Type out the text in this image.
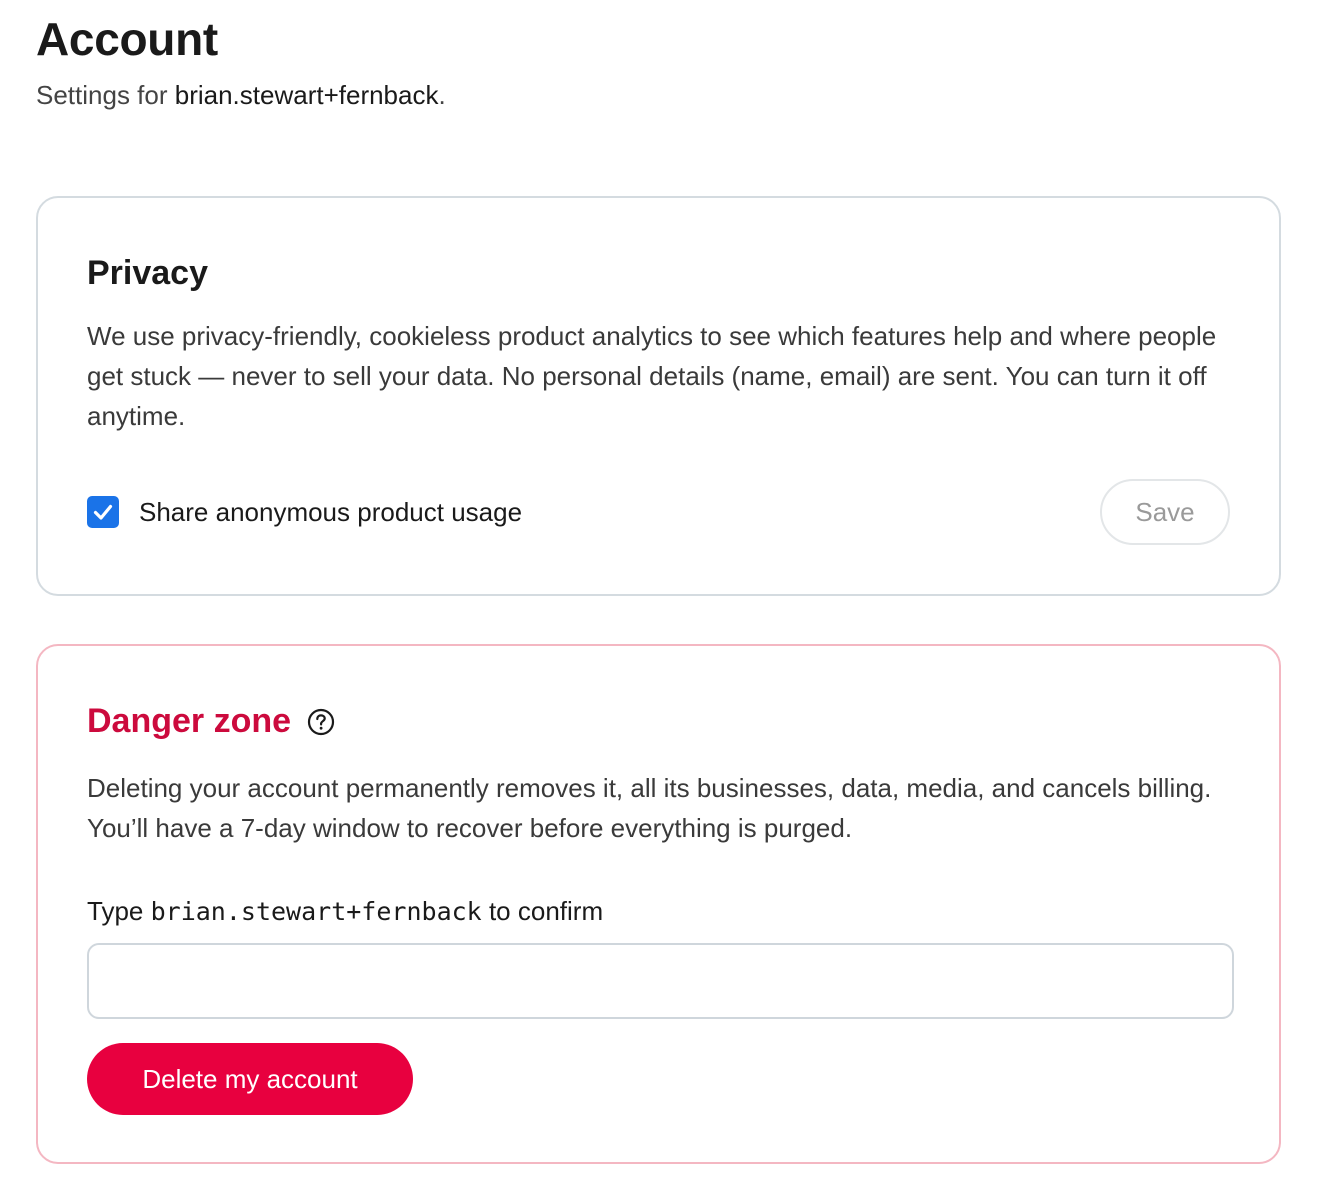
Account
Settings for brian.stewart+fernback.
Privacy

We use privacy-friendly, cookieless product analytics to see which features help and where people get stuck — never to sell your data. No personal details (name, email) are sent. You can turn it off anytime.

Share anonymous product usage	Save
Danger zone

Deleting your account permanently removes it, all its businesses, data, media, and cancels billing. You’ll have a 7-day window to recover before everything is purged.

Type brian.stewart+fernback to confirm
Delete my account
